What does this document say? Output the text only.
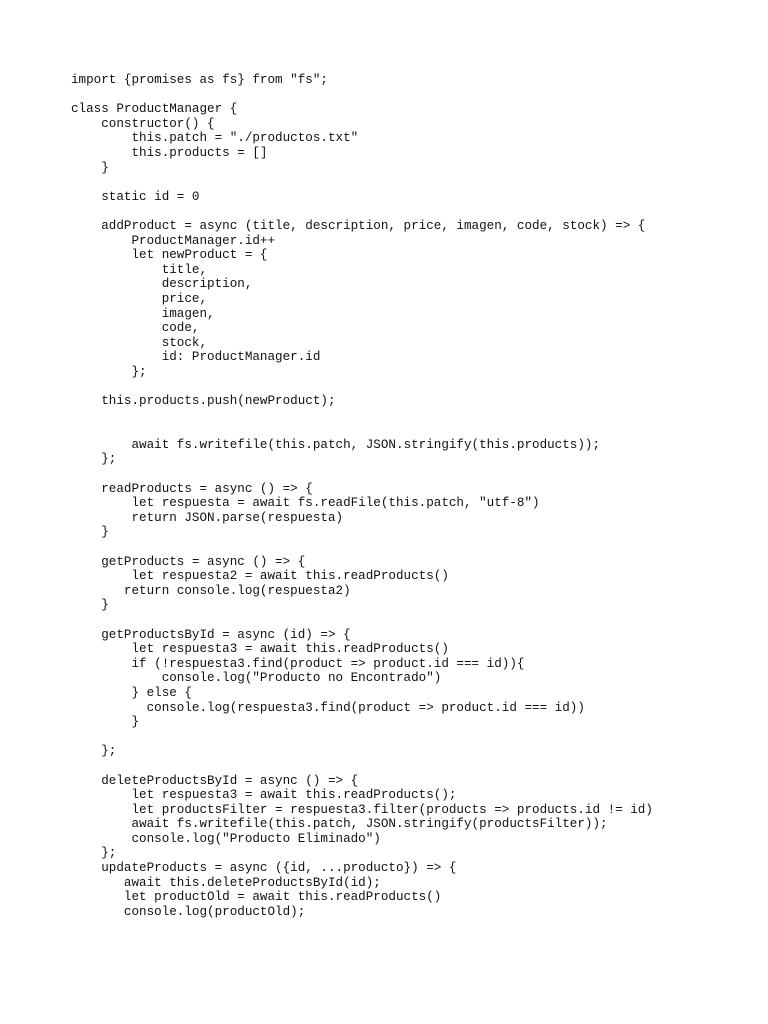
import {promises as fs} from "fs";
class ProductManager {
constructor() {
this.patch = "./productos.txt"
this.products = []
}
static id = 0
addProduct = async (title, description, price, imagen, code, stock) => {
ProductManager.id++
let newProduct = {
title,
description,
price,
imagen,
code,
stock,
id: ProductManager.id
};
this.products.push(newProduct);
await fs.writefile(this.patch, JSON.stringify(this.products));
};
readProducts = async () => {
let respuesta = await fs.readFile(this.patch, "utf-8")
return JSON.parse(respuesta)
}
getProducts = async () => {
let respuesta2 = await this.readProducts()
return console.log(respuesta2)
}
getProductsById = async (id) => {
let respuesta3 = await this.readProducts()
if (!respuesta3.find(product => product.id === id)){
console.log("Producto no Encontrado")
} else {
console.log(respuesta3.find(product => product.id === id))
}
};
deleteProductsById = async () => {
let respuesta3 = await this.readProducts();
let productsFilter = respuesta3.filter(products => products.id != id)
await fs.writefile(this.patch, JSON.stringify(productsFilter));
console.log("Producto Eliminado")
};
updateProducts = async ({id, ...producto}) => {
await this.deleteProductsById(id);
let productOld = await this.readProducts()
console.log(productOld);
